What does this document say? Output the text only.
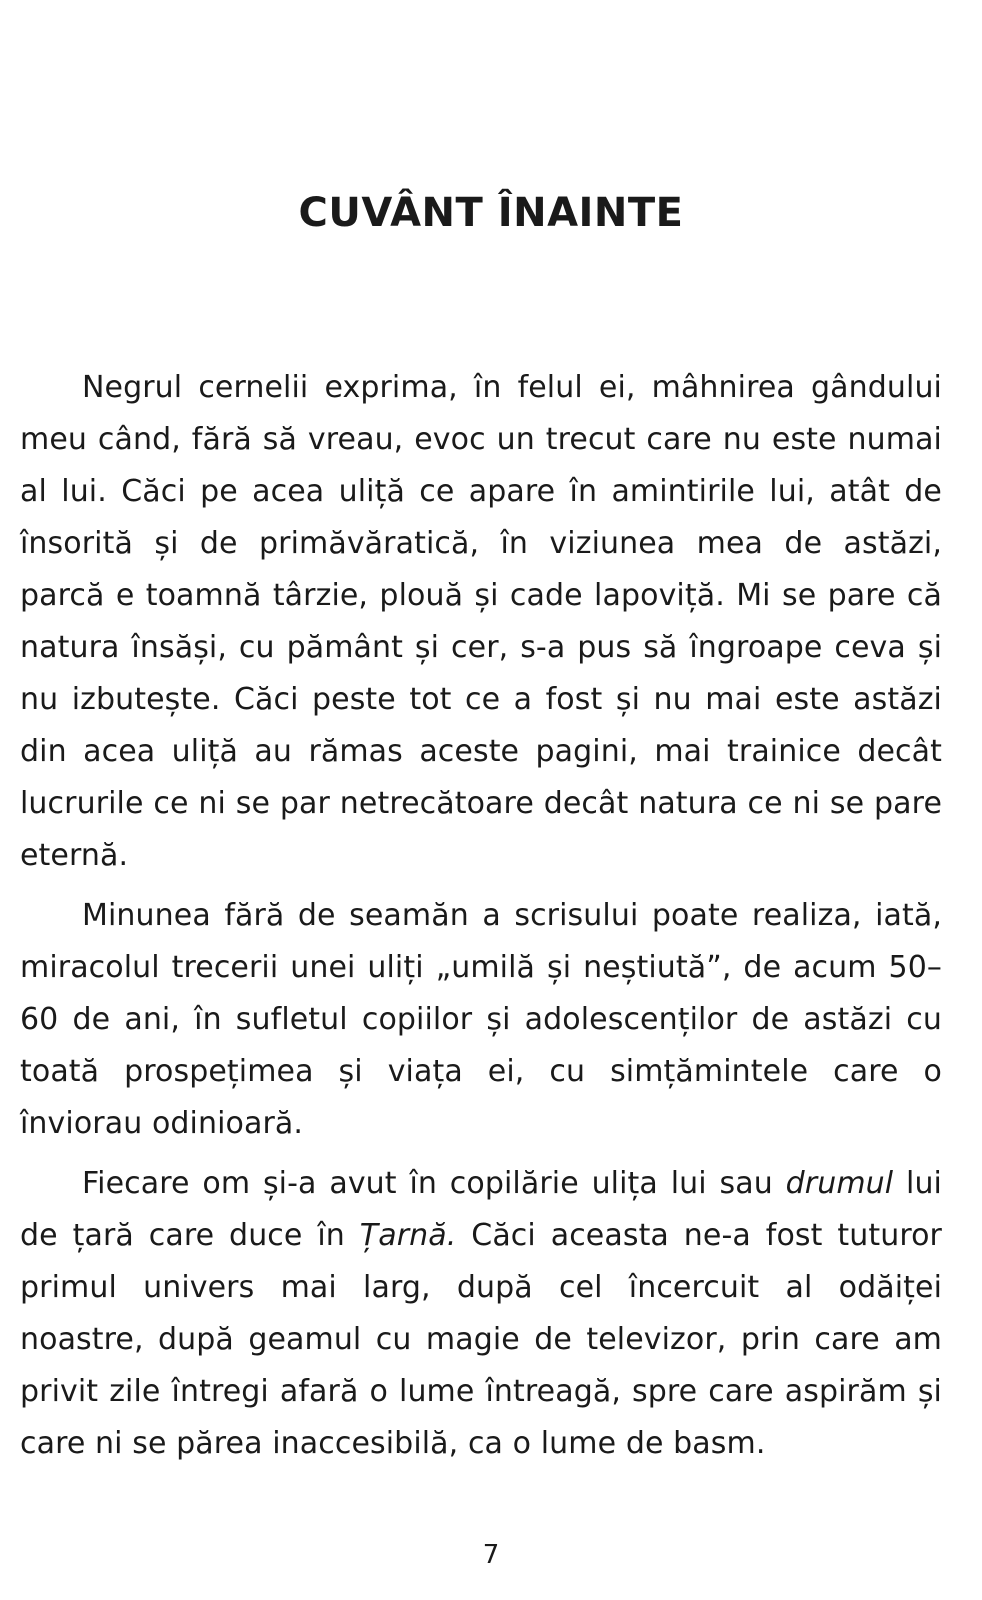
CUVÂNT ÎNAINTE

Negrul cernelii exprima, în felul ei, mâhnirea gândului meu când, fără să vreau, evoc un trecut care nu este numai al lui. Căci pe acea uliță ce apare în amintirile lui, atât de însorită și de primăvăratică, în viziunea mea de astăzi, parcă e toamnă târzie, plouă și cade lapoviță. Mi se pare că natura însăși, cu pământ și cer, s-a pus să îngroape ceva și nu izbutește. Căci peste tot ce a fost și nu mai este astăzi din acea uliță au rămas aceste pagini, mai trainice decât lucrurile ce ni se par netrecătoare decât natura ce ni se pare eternă.

Minunea fără de seamăn a scrisului poate realiza, iată, miracolul trecerii unei uliți „umilă și neștiută”, de acum 50–60 de ani, în sufletul copiilor și adolescenților de astăzi cu toată prospețimea și viața ei, cu simțămintele care o înviorau odinioară.

Fiecare om și-a avut în copilărie ulița lui sau drumul lui de țară care duce în Țarnă. Căci aceasta ne-a fost tuturor primul univers mai larg, după cel încercuit al odăiței noastre, după geamul cu magie de televizor, prin care am privit zile întregi afară o lume întreagă, spre care aspirăm și care ni se părea inaccesibilă, ca o lume de basm.

7
